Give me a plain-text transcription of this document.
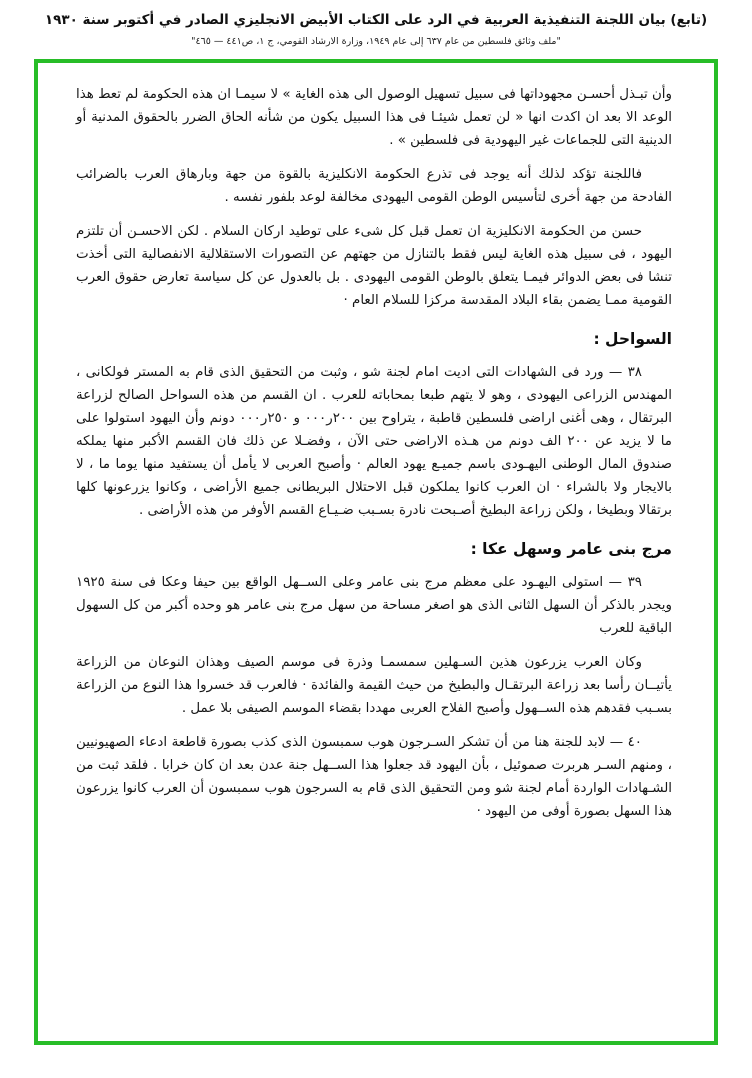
(تابع) بيان اللجنة التنفيذية العربية في الرد على الكتاب الأبيض الانجليزي الصادر في أكتوبر سنة ١٩٣٠
"ملف وثائق فلسطين من عام ٦٣٧ إلى عام ١٩٤٩، وزارة الارشاد القومي، ج ١، ص٤٤١ — ٤٦٥"
وأن تبـذل أحسـن مجهوداتها فى سبيل تسهيل الوصول الى هذه الغاية » لا سيمـا ان هذه الحكومة لم تعط هذا الوعد الا بعد ان اكدت انها « لن تعمل شيئـا فى هذا السبيل يكون من شأنه الحاق الضرر بالحقوق المدنية أو الدينية التى للجماعات غير اليهودية فى فلسطين » .
فاللجنة تؤكد لذلك أنه يوجد فى تذرع الحكومة الانكليزية بالقوة من جهة وبارهاق العرب بالضرائب الفادحة من جهة أخرى لتأسيس الوطن القومى اليهودى مخالفة لوعد بلفور نفسه .
حسن من الحكومة الانكليزية ان تعمل قبل كل شىء على توطيد اركان السلام . لكن الاحسـن أن تلتزم اليهود ، فى سبيل هذه الغاية ليس فقط بالتنازل من جهتهم عن التصورات الاستقلالية الانفصالية التى أخذت تنشا فى بعض الدوائر فيمـا يتعلق بالوطن القومى اليهودى . بل بالعدول عن كل سياسة تعارض حقوق العرب القومية ممـا يضمن بقاء البلاد المقدسة مركزا للسلام العام ·
السواحل :
٣٨ — ورد فى الشهادات التى اديت امام لجنة شو ، وثبت من التحقيق الذى قام به المستر فولكانى ، المهندس الزراعى اليهودى ، وهو لا يتهم طبعا بمحاباته للعرب . ان القسم من هذه السواحل الصالح لزراعة البرتقال ، وهى أغنى اراضى فلسطين قاطبة ، يتراوح بين ٢٠٠ر٠٠٠ و ٢٥٠ر٠٠٠ دونم وأن اليهود استولوا على ما لا يزيد عن ٢٠٠ الف دونم من هـذه الاراضى حتى الآن ، وفضـلا عن ذلك فان القسم الأكبر منها يملكه صندوق المال الوطنى اليهـودى باسم جميـع يهود العالم · وأصبح العربى لا يأمل أن يستفيد منها يوما ما ، لا بالايجار ولا بالشراء · ان العرب كانوا يملكون قبل الاحتلال البريطانى جميع الأراضى ، وكانوا يزرعونها كلها برتقالا وبطيخا ، ولكن زراعة البطيخ أصـبحت نادرة بسـبب ضـيـاع القسم الأوفر من هذه الأراضى .
مرج بنى عامر وسهل عكا :
٣٩ — استولى اليهـود على معظم مرج بنى عامر وعلى الســهل الواقع بين حيفا وعكا فى سنة ١٩٢٥ ويجدر بالذكر أن السهل الثانى الذى هو اصغر مساحة من سهل مرج بنى عامر هو وحده أكبر من كل السهول الباقية للعرب
وكان العرب يزرعون هذين السـهلين سمسمـا وذرة فى موسم الصيف وهذان النوعان من الزراعة يأتيــان رأسا بعد زراعة البرتقـال والبطيخ من حيث القيمة والفائدة · فالعرب قد خسروا هذا النوع من الزراعة بسـبب فقدهم هذه الســهول وأصبح الفلاح العربى مهددا بقضاء الموسم الصيفى بلا عمل .
٤٠ — لابد للجنة هنا من أن تشكر السـرجون هوب سمبسون الذى كذب بصورة قاطعة ادعاء الصهيونيين ، ومنهم السـر هربرت صموئيل ، بأن اليهود قد جعلوا هذا الســهل جنة عدن بعد ان كان خرابا . فلقد ثبت من الشـهادات الواردة أمام لجنة شو ومن التحقيق الذى قام به السرجون هوب سمبسون أن العرب كانوا يزرعون هذا السهل بصورة أوفى من اليهود ·
